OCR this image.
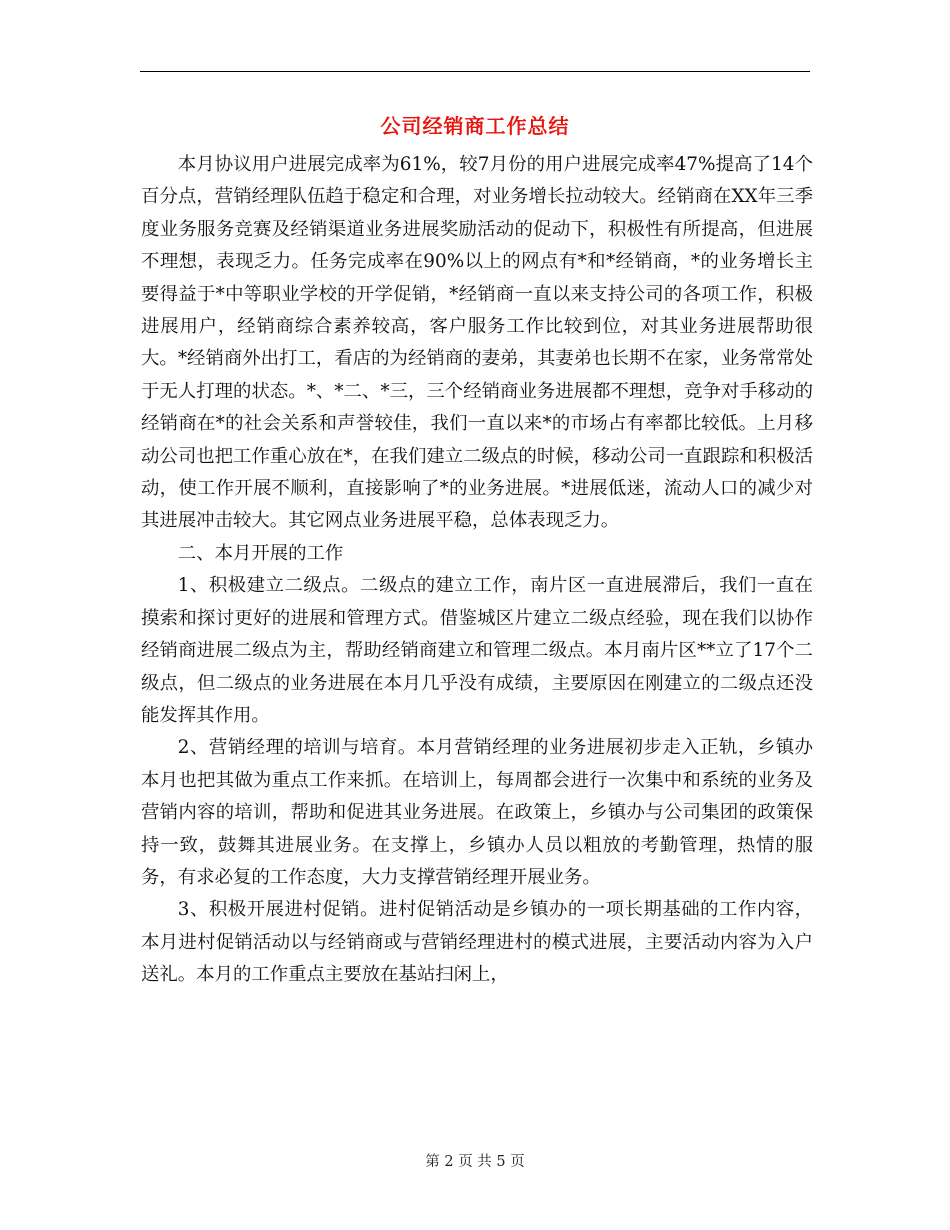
公司经销商工作总结

本月协议用户进展完成率为61%，较7月份的用户进展完成率47%提高了14个百分点，营销经理队伍趋于稳定和合理，对业务增长拉动较大。经销商在XX年三季度业务服务竞赛及经销渠道业务进展奖励活动的促动下，积极性有所提高，但进展不理想，表现乏力。任务完成率在90%以上的网点有*和*经销商，*的业务增长主要得益于*中等职业学校的开学促销，*经销商一直以来支持公司的各项工作，积极进展用户，经销商综合素养较高，客户服务工作比较到位，对其业务进展帮助很大。*经销商外出打工，看店的为经销商的妻弟，其妻弟也长期不在家，业务常常处于无人打理的状态。*、*二、*三，三个经销商业务进展都不理想，竞争对手移动的经销商在*的社会关系和声誉较佳，我们一直以来*的市场占有率都比较低。上月移动公司也把工作重心放在*，在我们建立二级点的时候，移动公司一直跟踪和积极活动，使工作开展不顺利，直接影响了*的业务进展。*进展低迷，流动人口的减少对其进展冲击较大。其它网点业务进展平稳，总体表现乏力。

二、本月开展的工作

1、积极建立二级点。二级点的建立工作，南片区一直进展滞后，我们一直在摸索和探讨更好的进展和管理方式。借鉴城区片建立二级点经验，现在我们以协作经销商进展二级点为主，帮助经销商建立和管理二级点。本月南片区**立了17个二级点，但二级点的业务进展在本月几乎没有成绩，主要原因在刚建立的二级点还没能发挥其作用。

2、营销经理的培训与培育。本月营销经理的业务进展初步走入正轨，乡镇办本月也把其做为重点工作来抓。在培训上，每周都会进行一次集中和系统的业务及营销内容的培训，帮助和促进其业务进展。在政策上，乡镇办与公司集团的政策保持一致，鼓舞其进展业务。在支撑上，乡镇办人员以粗放的考勤管理，热情的服务，有求必复的工作态度，大力支撑营销经理开展业务。

3、积极开展进村促销。进村促销活动是乡镇办的一项长期基础的工作内容，本月进村促销活动以与经销商或与营销经理进村的模式进展，主要活动内容为入户送礼。本月的工作重点主要放在基站扫闲上，

第 2 页 共 5 页
